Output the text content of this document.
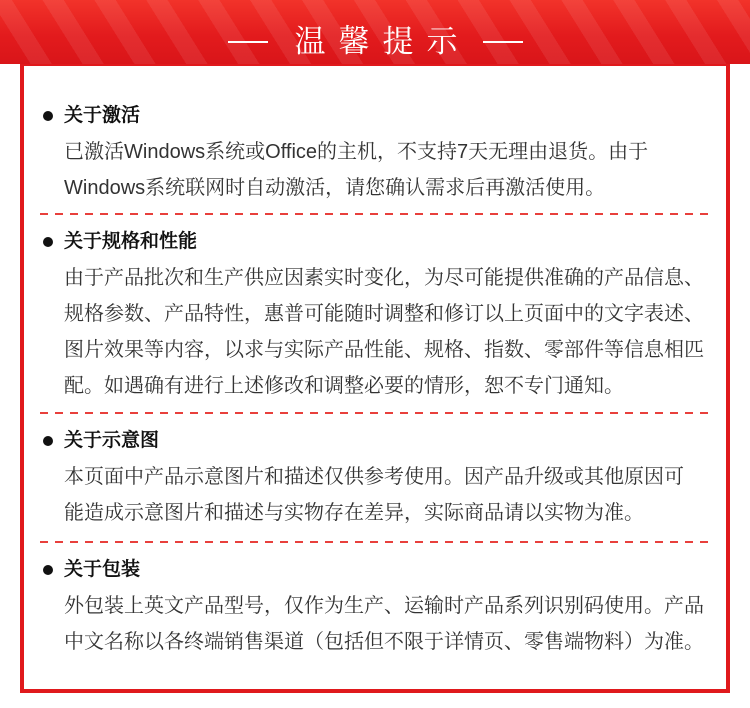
温馨提示
关于激活
已激活Windows系统或Office的主机，不支持7天无理由退货。由于
Windows系统联网时自动激活，请您确认需求后再激活使用。
关于规格和性能
由于产品批次和生产供应因素实时变化，为尽可能提供准确的产品信息、
规格参数、产品特性，惠普可能随时调整和修订以上页面中的文字表述、
图片效果等内容，以求与实际产品性能、规格、指数、零部件等信息相匹
配。如遇确有进行上述修改和调整必要的情形，恕不专门通知。
关于示意图
本页面中产品示意图片和描述仅供参考使用。因产品升级或其他原因可
能造成示意图片和描述与实物存在差异，实际商品请以实物为准。
关于包装
外包装上英文产品型号，仅作为生产、运输时产品系列识别码使用。产品
中文名称以各终端销售渠道（包括但不限于详情页、零售端物料）为准。
